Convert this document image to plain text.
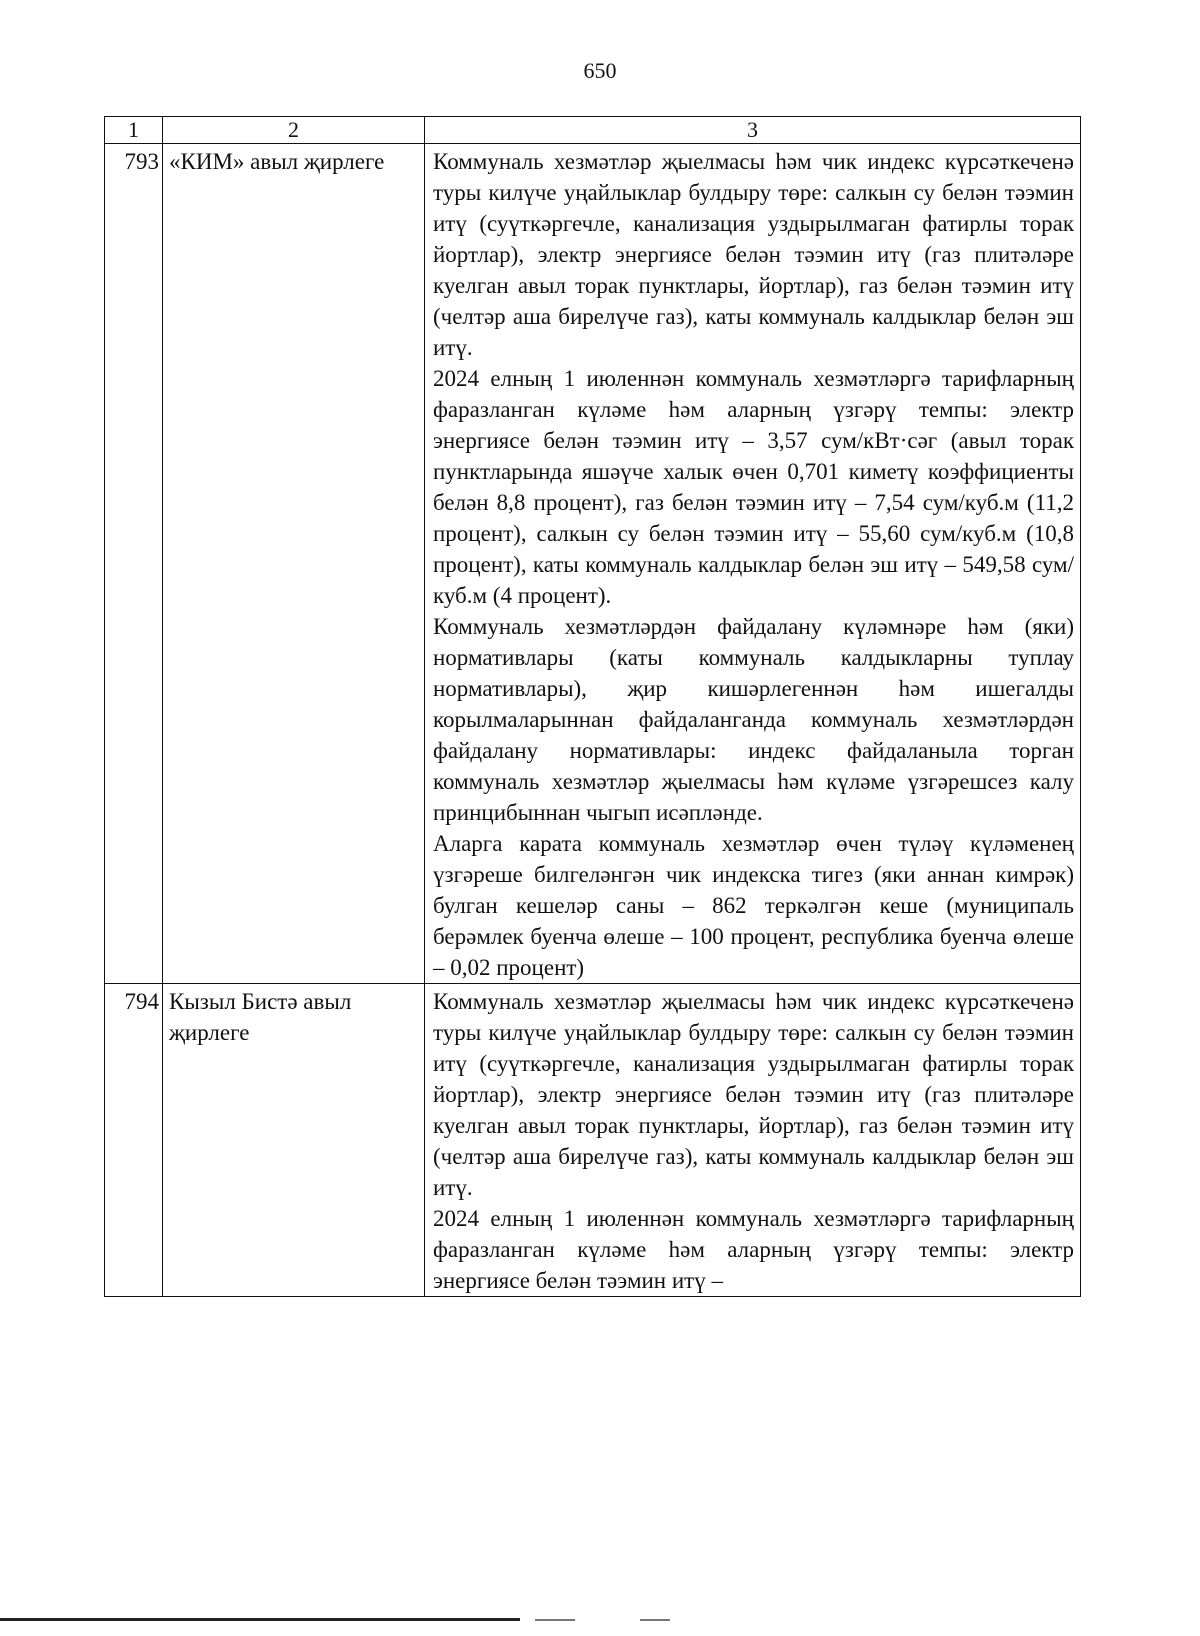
650
1	2	3
793	«КИМ» авыл җирлеге	Коммуналь хезмәтләр җыелмасы һәм чик индекс күрсәткеченә туры килүче уңайлыклар булдыру төре: салкын су белән тәэмин итү (суүткәргечле, канализация уздырылмаган фатирлы торак йортлар), электр энергиясе белән тәэмин итү (газ плитәләре куелган авыл торак пунктлары, йортлар), газ белән тәэмин итү (челтәр аша бирелүче газ), каты коммуналь калдыклар белән эш итү.

2024 елның 1 июленнән коммуналь хезмәтләргә тарифларның фаразланган күләме һәм аларның үзгәрү темпы: электр энергиясе белән тәэмин итү – 3,57 сум/кВт·сәг (авыл торак пунктларында яшәүче халык өчен 0,701 киметү коэффициенты белән 8,8 процент), газ белән тәэмин итү – 7,54 сум/куб.м (11,2 процент), салкын су белән тәэмин итү – 55,60 сум/куб.м (10,8 процент), каты коммуналь калдыклар белән эш итү – 549,58 сум/куб.м (4 процент).

Коммуналь хезмәтләрдән файдалану күләмнәре һәм (яки) нормативлары (каты коммуналь калдыкларны туплау нормативлары), җир кишәрлегеннән һәм ишегалды корылмаларыннан файдаланганда коммуналь хезмәтләрдән файдалану нормативлары: индекс файдаланыла торган коммуналь хезмәтләр җыелмасы һәм күләме үзгәрешсез калу принцибыннан чыгып исәпләнде.

Аларга карата коммуналь хезмәтләр өчен түләү күләменең үзгәреше билгеләнгән чик индекска тигез (яки аннан кимрәк) булган кешеләр саны – 862 теркәлгән кеше (муниципаль берәмлек буенча өлеше – 100 процент, республика буенча өлеше – 0,02 процент)

794	Кызыл Бистә авыл җирлеге	Коммуналь хезмәтләр җыелмасы һәм чик индекс күрсәткеченә туры килүче уңайлыклар булдыру төре: салкын су белән тәэмин итү (суүткәргечле, канализация уздырылмаган фатирлы торак йортлар), электр энергиясе белән тәэмин итү (газ плитәләре куелган авыл торак пунктлары, йортлар), газ белән тәэмин итү (челтәр аша бирелүче газ), каты коммуналь калдыклар белән эш итү.

2024 елның 1 июленнән коммуналь хезмәтләргә тарифларның фаразланган күләме һәм аларның үзгәрү темпы: электр энергиясе белән тәэмин итү –
